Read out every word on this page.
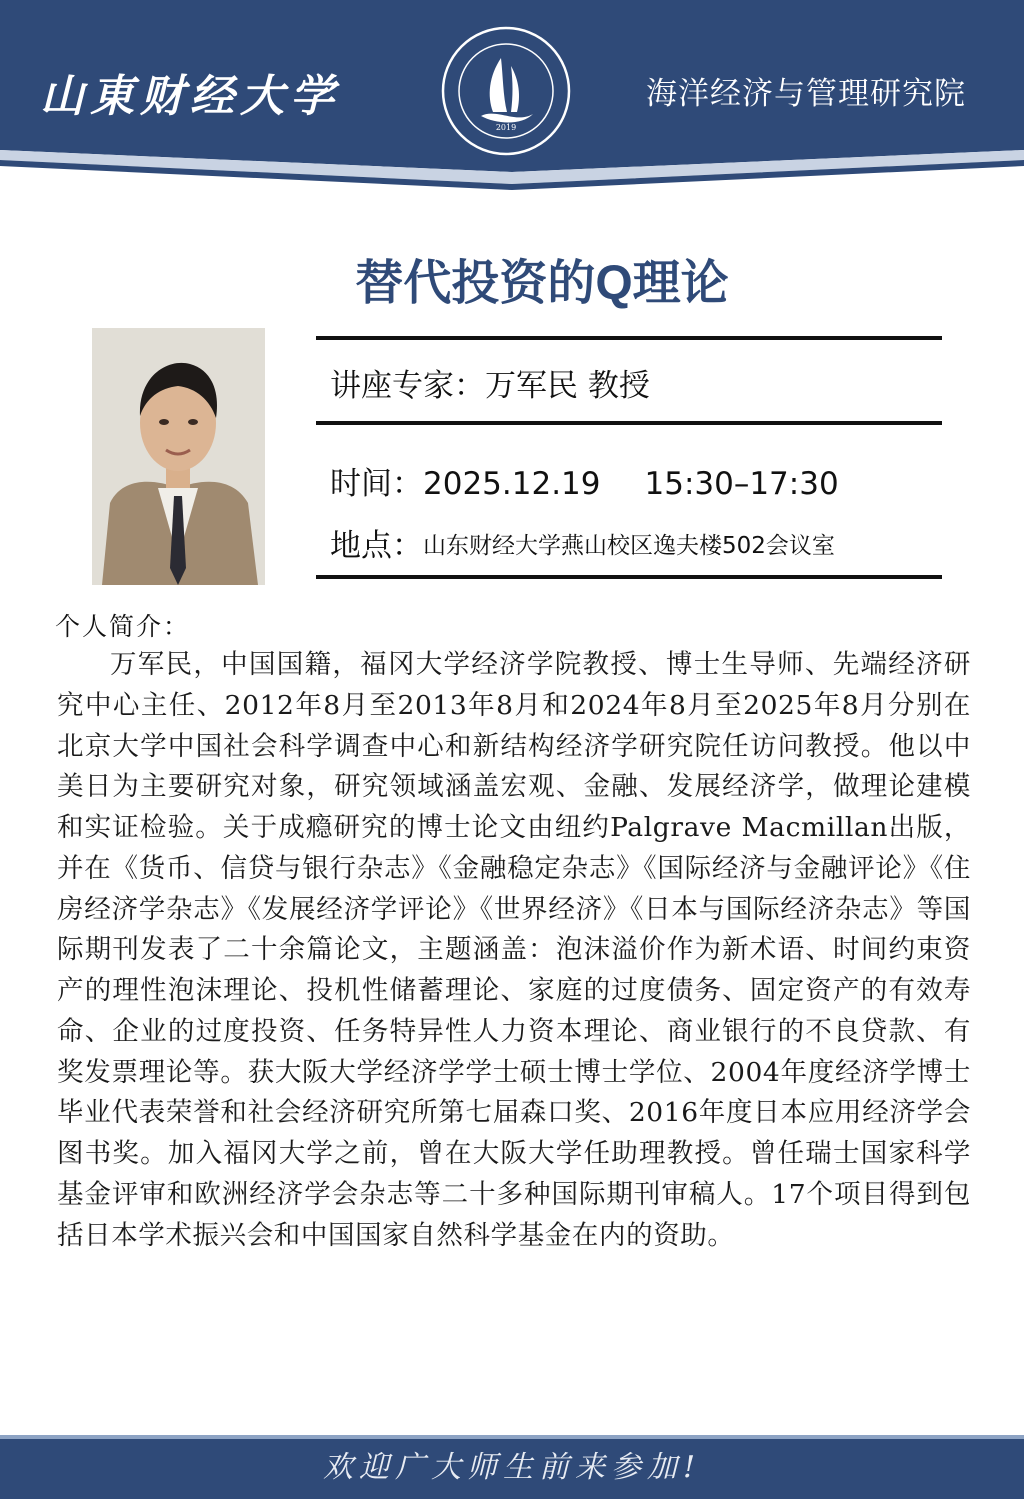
山東财经大学	海洋经济与管理研究院
2019
替代投资的Q理论
讲座专家：万军民 教授
时间：2025.12.19 15:30–17:30
地点：山东财经大学燕山校区逸夫楼502会议室
个人简介：
万军民，中国国籍，福冈大学经济学院教授、博士生导师、先端经济研究中心主任、2012年8月至2013年8月和2024年8月至2025年8月分别在北京大学中国社会科学调查中心和新结构经济学研究院任访问教授。他以中美日为主要研究对象，研究领域涵盖宏观、金融、发展经济学，做理论建模和实证检验。关于成瘾研究的博士论文由纽约Palgrave Macmillan出版，并在《货币、信贷与银行杂志》《金融稳定杂志》《国际经济与金融评论》《住房经济学杂志》《发展经济学评论》《世界经济》《日本与国际经济杂志》等国际期刊发表了二十余篇论文，主题涵盖：泡沫溢价作为新术语、时间约束资产的理性泡沫理论、投机性储蓄理论、家庭的过度债务、固定资产的有效寿命、企业的过度投资、任务特异性人力资本理论、商业银行的不良贷款、有奖发票理论等。获大阪大学经济学学士硕士博士学位、2004年度经济学博士毕业代表荣誉和社会经济研究所第七届森口奖、2016年度日本应用经济学会图书奖。加入福冈大学之前，曾在大阪大学任助理教授。曾任瑞士国家科学基金评审和欧洲经济学会杂志等二十多种国际期刊审稿人。17个项目得到包括日本学术振兴会和中国国家自然科学基金在内的资助。
欢迎广大师生前来参加!
